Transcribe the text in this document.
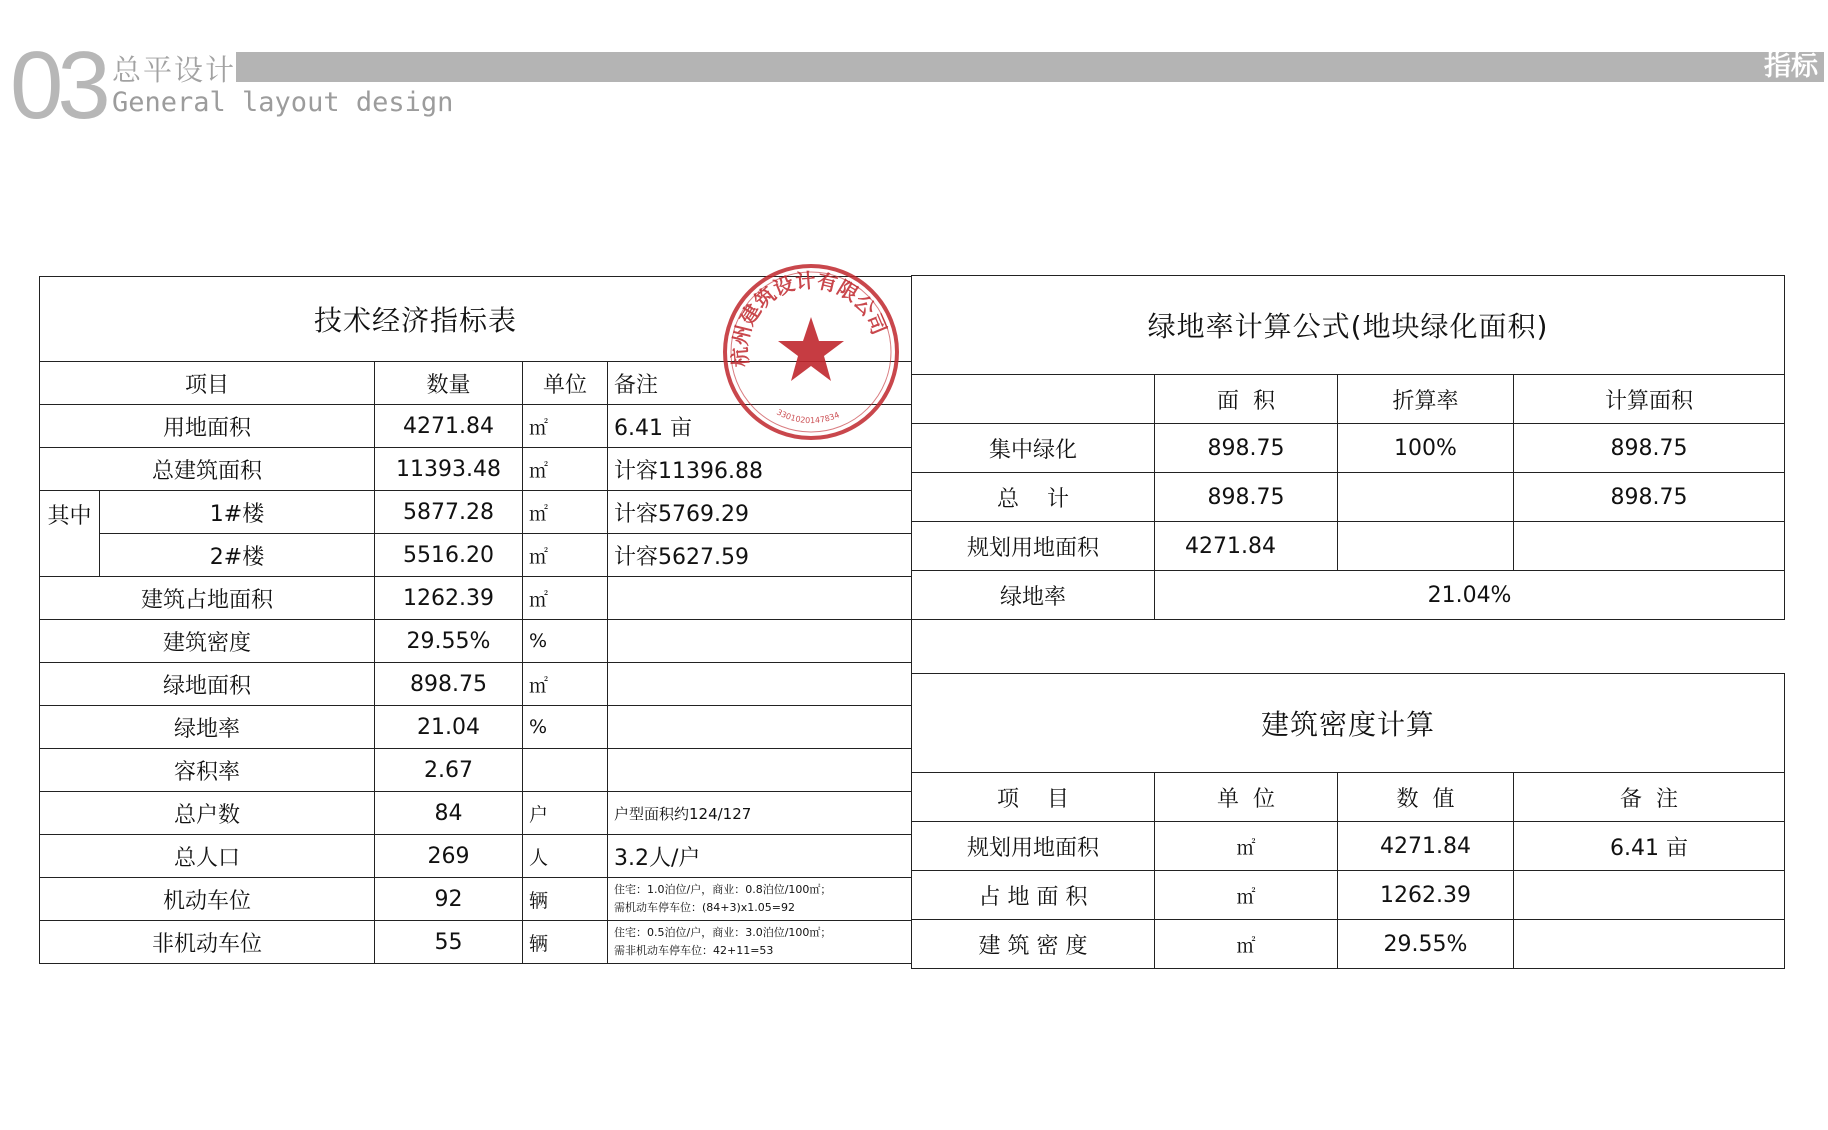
03 总平设计
General layout design
指标
技术经济指标表				
项目		数量	单位	备注
用地面积		4271.84	㎡	6.41 亩
总建筑面积		11393.48	㎡	计容11396.88
其中	1#楼	5877.28	㎡	计容5769.29
	2#楼	5516.20	㎡	计容5627.59
建筑占地面积		1262.39	㎡	
建筑密度		29.55%	%	
绿地面积		898.75	㎡	
绿地率		21.04	%	
容积率		2.67		
总户数		84	户	户型面积约124/127
总人口		269	人	3.2人/户
机动车位		92	辆	住宅：1.0泊位/户，商业：0.8泊位/100㎡；
需机动车停车位：(84+3)x1.05=92

非机动车位		55	辆	住宅：0.5泊位/户，商业：3.0泊位/100㎡；
需非机动车停车位：42+11=53
杭州建筑设计有限公司
3301020147834
绿地率计算公式(地块绿化面积)			
	面  积	折算率	计算面积
集中绿化	898.75	100%	898.75
总    计	898.75		898.75
规划用地面积	4271.84		
绿地率	21.04%		
建筑密度计算			
项    目	单  位	数  值	备  注
规划用地面积	㎡	4271.84	6.41 亩
占 地 面 积	㎡	1262.39	
建 筑 密 度	㎡	29.55%	
